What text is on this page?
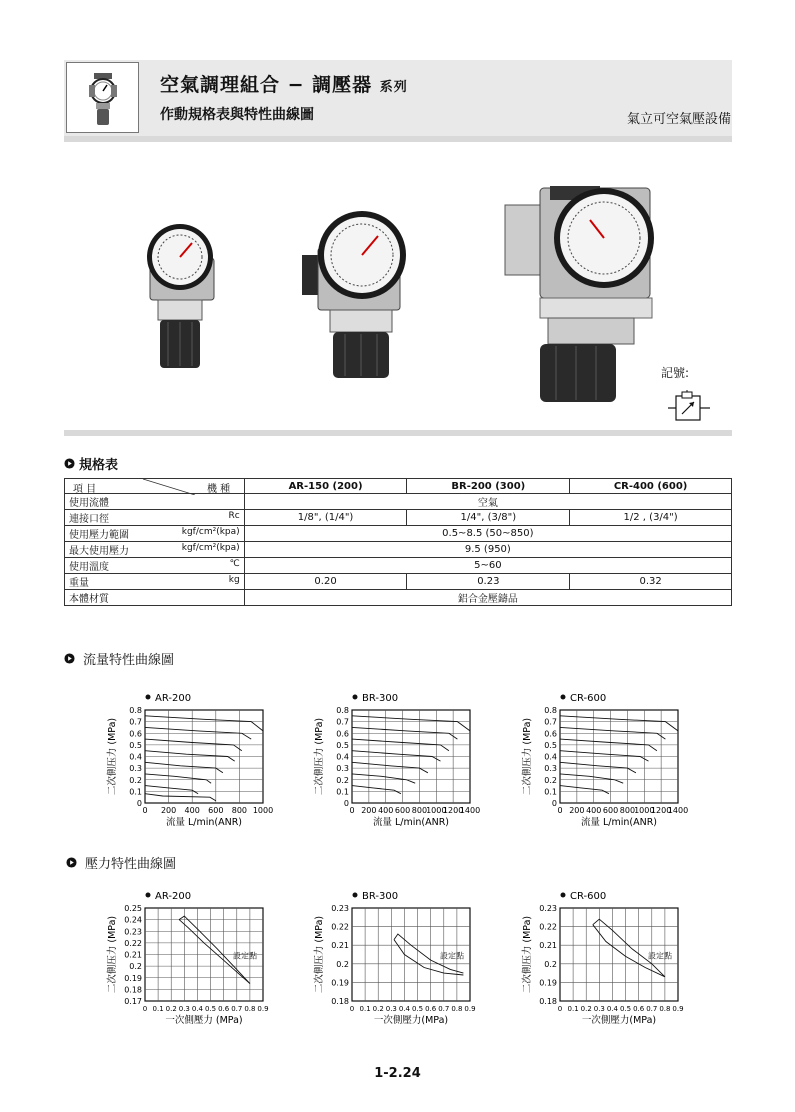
空氣調理組合 − 調壓器 系列
作動規格表與特性曲線圖	氣立可空氣壓設備
記號:
規格表
項 目 機 種	AR-150 (200)	BR-200 (300)	CR-400 (600)
使用流體	空氣		
連接口徑 Rc	1/8", (1/4")	1/4", (3/8")	1/2 , (3/4")
使用壓力範圍 kgf/cm²(kpa)	0.5~8.5 (50~850)		
最大使用壓力 kgf/cm²(kpa)	9.5 (950)		
使用溫度 ℃	5~60		
重量 kg	0.20	0.23	0.32
本體材質	鋁合金壓鑄品		
流量特性曲線圖
壓力特性曲線圖
AR-200
0 200 400 600 800 1000
0
0.1
0.2
0.3
0.4
0.5
0.6
0.7
0.8
流量 L/min(ANR)
二次側压力 (MPa)
BR-300
0 200 400 600 800 1000
1200
1400
0
0.1
0.2
0.3
0.4
0.5
0.6
0.7
0.8
流量 L/min(ANR)
二次側压力 (MPa)
CR-600
0 200 400 600 800 1000
1200
1400
0
0.1
0.2
0.3
0.4
0.5
0.6
0.7
0.8
流量 L/min(ANR)
二次側压力 (MPa)
AR-200
0 0.1 0.2 0.3 0.4 0.5 0.6 0.7 0.8 0.9
0.17
0.18
0.19
0.2
0.21
0.22
0.23
0.24
0.25
一次側壓力 (MPa)
二次側压力 (MPa)	設定點
BR-300
0 0.1 0.2 0.3 0.4 0.5 0.6 0.7 0.8 0.9
0.18
0.19
0.2
0.21
0.22
0.23
一次側壓力(MPa)
二次側压力 (MPa)	設定點
CR-600
0 0.1 0.2 0.3 0.4 0.5 0.6 0.7 0.8 0.9
0.18
0.19
0.2
0.21
0.22
0.23
一次側壓力(MPa)
二次側压力 (MPa)	設定點
1-2.24
